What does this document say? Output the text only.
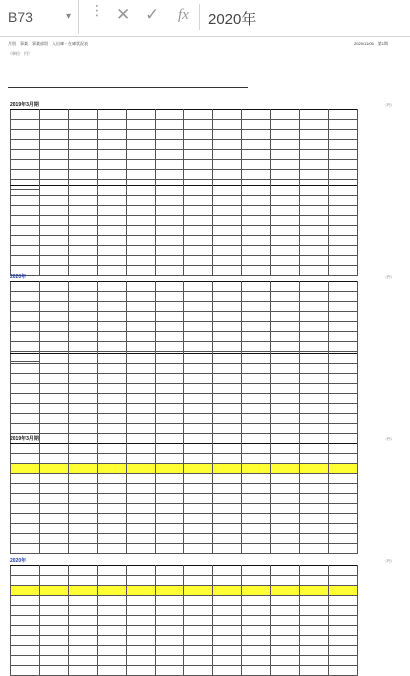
B73	▾ ⋮ ✕ ✓ fx 2020年
月別　事業　事業部別　入出庫・在庫状況表	2020/11/05　第1期
（単位：円）
2019年3月期	（円）

2020年	（円）

2019年3月期	（円）

2020年	（円）
